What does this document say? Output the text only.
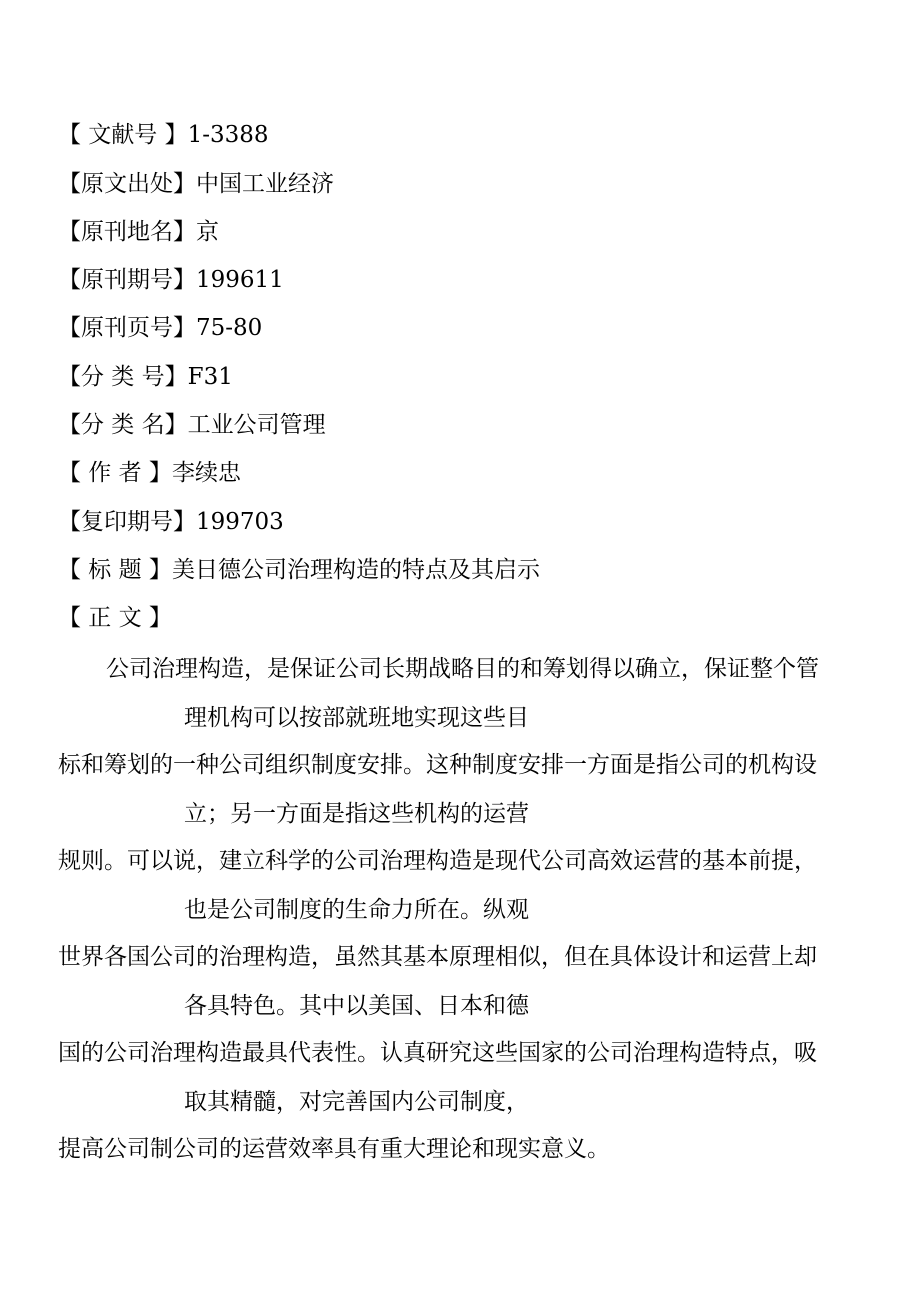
【 文献号 】1-3388
【原文出处】中国工业经济
【原刊地名】京
【原刊期号】199611
【原刊页号】75-80
【分 类 号】F31
【分 类 名】工业公司管理
【 作 者 】李续忠
【复印期号】199703
【 标 题 】美日德公司治理构造的特点及其启示
【 正 文 】
公司治理构造，是保证公司长期战略目的和筹划得以确立，保证整个管
理机构可以按部就班地实现这些目
标和筹划的一种公司组织制度安排。这种制度安排一方面是指公司的机构设
立；另一方面是指这些机构的运营
规则。可以说，建立科学的公司治理构造是现代公司高效运营的基本前提，
也是公司制度的生命力所在。纵观
世界各国公司的治理构造，虽然其基本原理相似，但在具体设计和运营上却
各具特色。其中以美国、日本和德
国的公司治理构造最具代表性。认真研究这些国家的公司治理构造特点，吸
取其精髓，对完善国内公司制度，
提高公司制公司的运营效率具有重大理论和现实意义。
